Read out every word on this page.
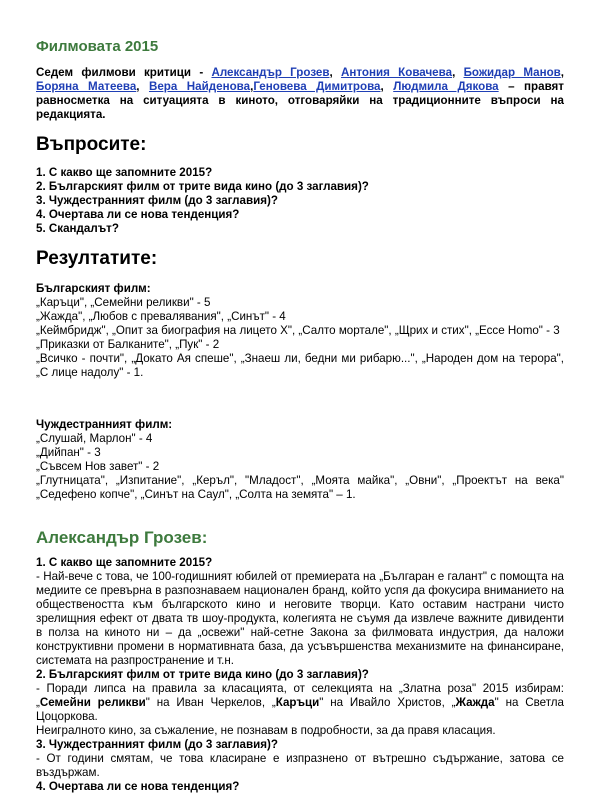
Филмовата 2015
Седем филмови критици - Александър Грозев, Антония Ковачева, Божидар Манов, Боряна Матеева, Вера Найденова,Геновева Димитрова, Людмила Дякова – правят равносметка на ситуацията в киното, отговаряйки на традиционните въпроси на редакцията.
Въпросите:
1. С какво ще запомните 2015?
2. Българският филм от трите вида кино (до 3 заглавия)?
3. Чуждестранният филм (до 3 заглавия)?
4. Очертава ли се нова тенденция?
5. Скандалът?
Резултатите:
Българският филм:
„Каръци", „Семейни реликви" - 5
„Жажда", „Любов с превалявания", „Синът" - 4
„Кеймбридж", „Опит за биография на лицето Х", „Салто мортале", „Щрих и стих", „Ессе Homo" - 3
„Приказки от Балканите", „Пук" - 2
„Всичко - почти", „Докато Ая спеше", „Знаеш ли, бедни ми рибарю...", „Народен дом на терора", „С лице надолу" - 1.
Чуждестранният филм:
„Слушай, Марлон" - 4
„Дийпан" - 3
„Съвсем Нов завет" - 2
„Глутницата", „Изпитание", „Керъл", "Младост", „Моята майка", „Овни", „Проектът на века" „Седефено копче", „Синът на Саул", „Солта на земята" – 1.
Александър Грозев:
1. С какво ще запомните 2015?
- Най-вече с това, че 100-годишният юбилей от премиерата на „Българан е галант" с помощта на медиите се превърна в разпознаваем национален бранд, който успя да фокусира вниманието на обществеността към българското кино и неговите творци. Като оставим настрани чисто зрелищния ефект от двата тв шоу-продукта, колегията не съумя да извлече важните дивиденти в полза на киното ни – да „освежи" най-сетне Закона за филмовата индустрия, да наложи конструктивни промени в нормативната база, да усъвършенства механизмите на финансиране, системата на разпространение и т.н.
2. Българският филм от трите вида кино (до 3 заглавия)?
- Поради липса на правила за класацията, от селекцията на „Златна роза" 2015 избирам: „Семейни реликви" на Иван Черкелов, „Каръци" на Ивайло Христов, „Жажда" на Светла Цоцоркова.
Неигралното кино, за съжаление, не познавам в подробности, за да правя класация.
3. Чуждестранният филм (до 3 заглавия)?
- От години смятам, че това класиране е изпразнено от вътрешно съдържание, затова се въздържам.
4. Очертава ли се нова тенденция?
